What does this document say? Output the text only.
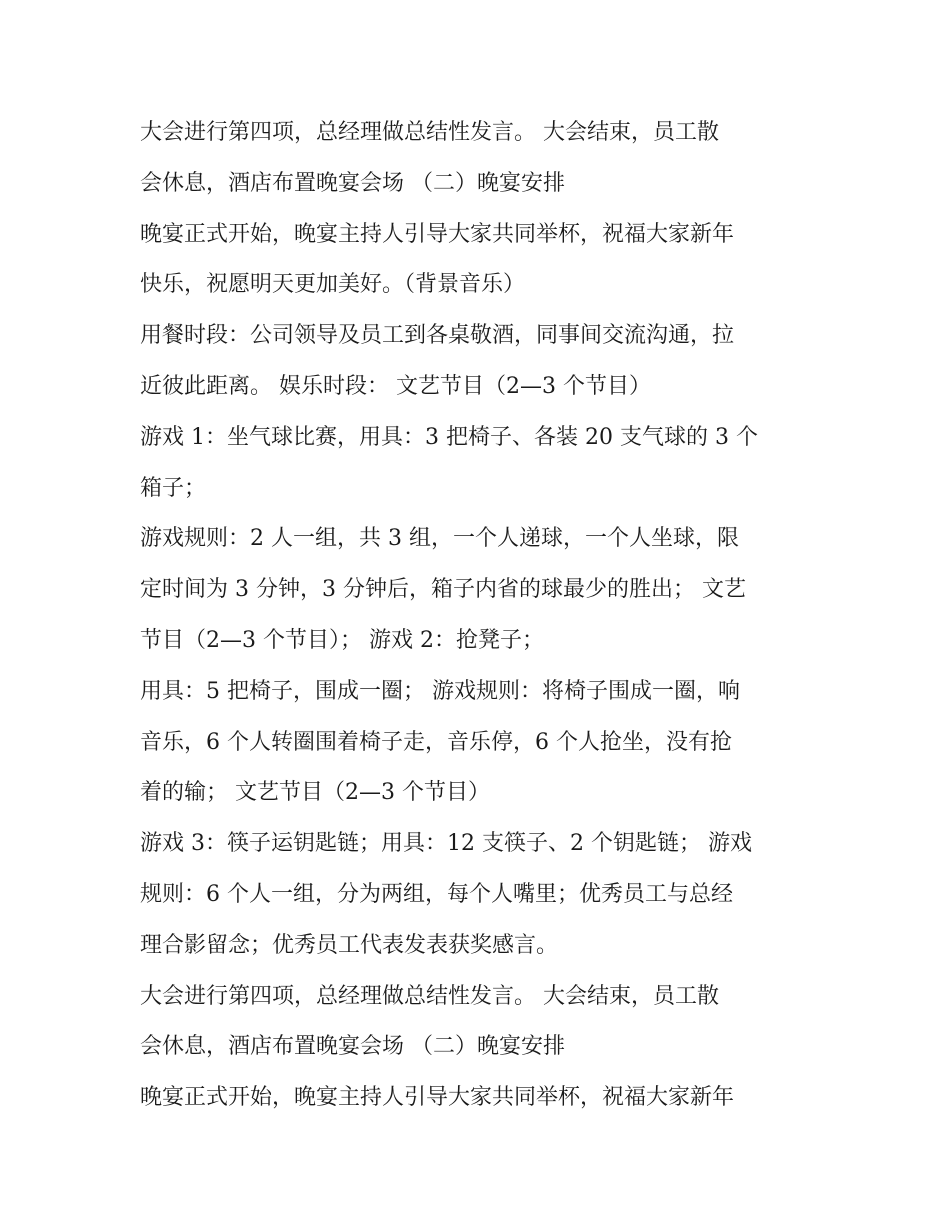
大会进行第四项，总经理做总结性发言。 大会结束，员工散
会休息，酒店布置晚宴会场 （二）晚宴安排
晚宴正式开始，晚宴主持人引导大家共同举杯，祝福大家新年
快乐，祝愿明天更加美好。（背景音乐）
用餐时段：公司领导及员工到各桌敬酒，同事间交流沟通，拉
近彼此距离。 娱乐时段： 文艺节目（2—3 个节目）
游戏 1：坐气球比赛，用具：3 把椅子、各装 20 支气球的 3 个
箱子；
游戏规则：2 人一组，共 3 组，一个人递球，一个人坐球，限
定时间为 3 分钟，3 分钟后，箱子内省的球最少的胜出； 文艺
节目（2—3 个节目）； 游戏 2：抢凳子；
用具：5 把椅子，围成一圈； 游戏规则：将椅子围成一圈，响
音乐，6 个人转圈围着椅子走，音乐停，6 个人抢坐，没有抢
着的输； 文艺节目（2—3 个节目）
游戏 3：筷子运钥匙链；用具：12 支筷子、2 个钥匙链； 游戏
规则：6 个人一组，分为两组，每个人嘴里；优秀员工与总经
理合影留念；优秀员工代表发表获奖感言。
大会进行第四项，总经理做总结性发言。 大会结束，员工散
会休息，酒店布置晚宴会场 （二）晚宴安排
晚宴正式开始，晚宴主持人引导大家共同举杯，祝福大家新年
